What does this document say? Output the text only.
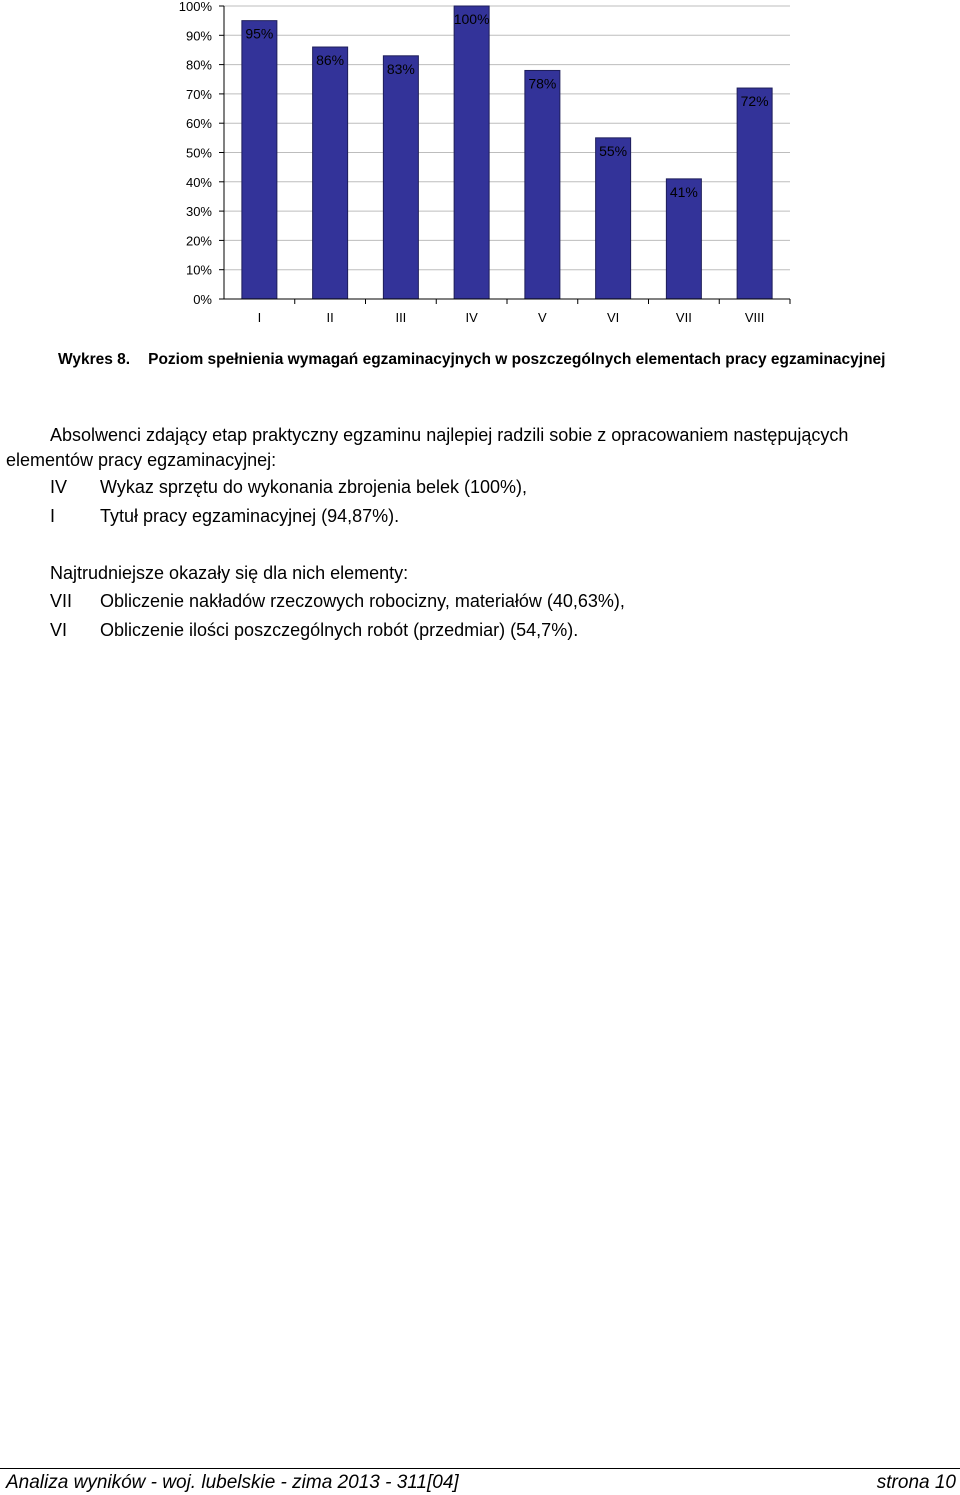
0%
10%
20%
30%
40%
50%
60%
70%
80%
90%
100%
95%
86%
83%
100%
78%
55%
41%
72%
I	II	III	IV	V	VI	VII	VIII
Wykres 8. Poziom spełnienia wymagań egzaminacyjnych w poszczególnych elementach pracy egzaminacyjnej
Absolwenci zdający etap praktyczny egzaminu najlepiej radzili sobie z opracowaniem następujących
elementów pracy egzaminacyjnej:
IV Wykaz sprzętu do wykonania zbrojenia belek (100%),
I Tytuł pracy egzaminacyjnej (94,87%).
Najtrudniejsze okazały się dla nich elementy:
VII Obliczenie nakładów rzeczowych robocizny, materiałów (40,63%),
VI Obliczenie ilości poszczególnych robót (przedmiar) (54,7%).
Analiza wyników - woj. lubelskie - zima 2013 - 311[04]	strona 10
